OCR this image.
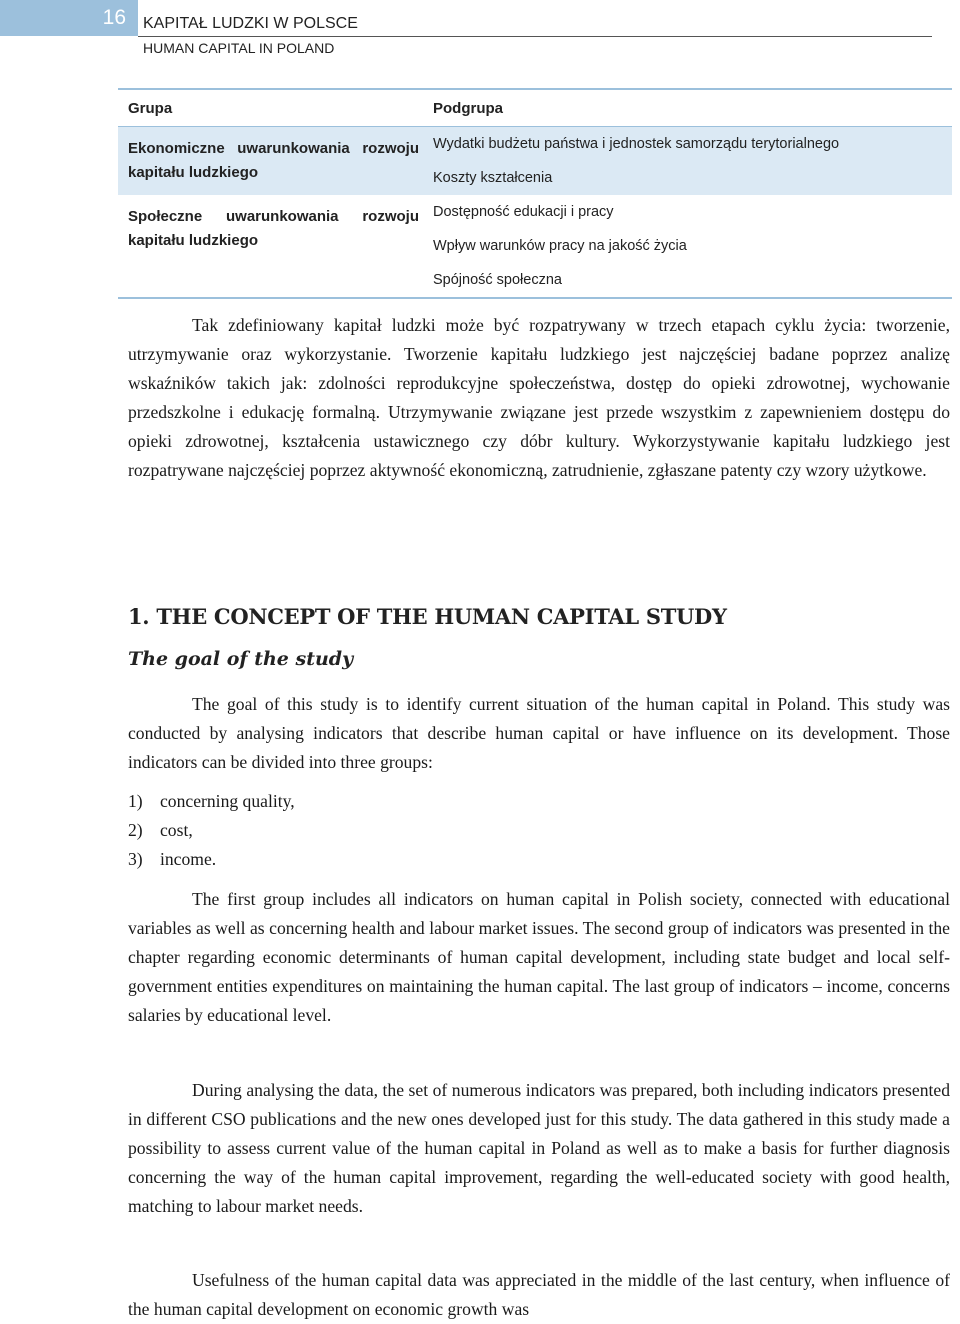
16	KAPITAŁ LUDZKI W POLSCE
HUMAN CAPITAL IN POLAND
Grupa	Podgrupa
Ekonomiczne uwarunkowania rozwoju kapitału ludzkiego
Wydatki budżetu państwa i jednostek samorządu terytorialnego
Koszty kształcenia
Społeczne uwarunkowania rozwoju kapitału ludzkiego
Dostępność edukacji i pracy
Wpływ warunków pracy na jakość życia
Spójność społeczna
Tak zdefiniowany kapitał ludzki może być rozpatrywany w trzech etapach cyklu życia: tworzenie, utrzymywanie oraz wykorzystanie. Tworzenie kapitału ludzkiego jest najczęściej badane poprzez analizę wskaźników takich jak: zdolności reprodukcyjne społeczeństwa, dostęp do opieki zdrowotnej, wychowanie przedszkolne i edukację formalną. Utrzymywanie związane jest przede wszystkim z zapewnieniem dostępu do opieki zdrowotnej, kształcenia ustawicznego czy dóbr kultury. Wykorzystywanie kapitału ludzkiego jest rozpatrywane najczęściej poprzez aktywność ekonomiczną, zatrudnienie, zgłaszane patenty czy wzory użytkowe.
1. THE CONCEPT OF THE HUMAN CAPITAL STUDY
The goal of the study
The goal of this study is to identify current situation of the human capital in Poland. This study was conducted by analysing indicators that describe human capital or have influence on its development. Those indicators can be divided into three groups:
1) concerning quality,
2) cost,
3) income.
The first group includes all indicators on human capital in Polish society, connected with educational variables as well as concerning health and labour market issues. The second group of indicators was presented in the chapter regarding economic determinants of human capital development, including state budget and local self-government entities expenditures on maintaining the human capital. The last group of indicators – income, concerns salaries by educational level.
During analysing the data, the set of numerous indicators was prepared, both including indicators presented in different CSO publications and the new ones developed just for this study. The data gathered in this study made a possibility to assess current value of the human capital in Poland as well as to make a basis for further diagnosis concerning the way of the human capital improvement, regarding the well-educated society with good health, matching to labour market needs.
Usefulness of the human capital data was appreciated in the middle of the last century, when influence of the human capital development on economic growth was
